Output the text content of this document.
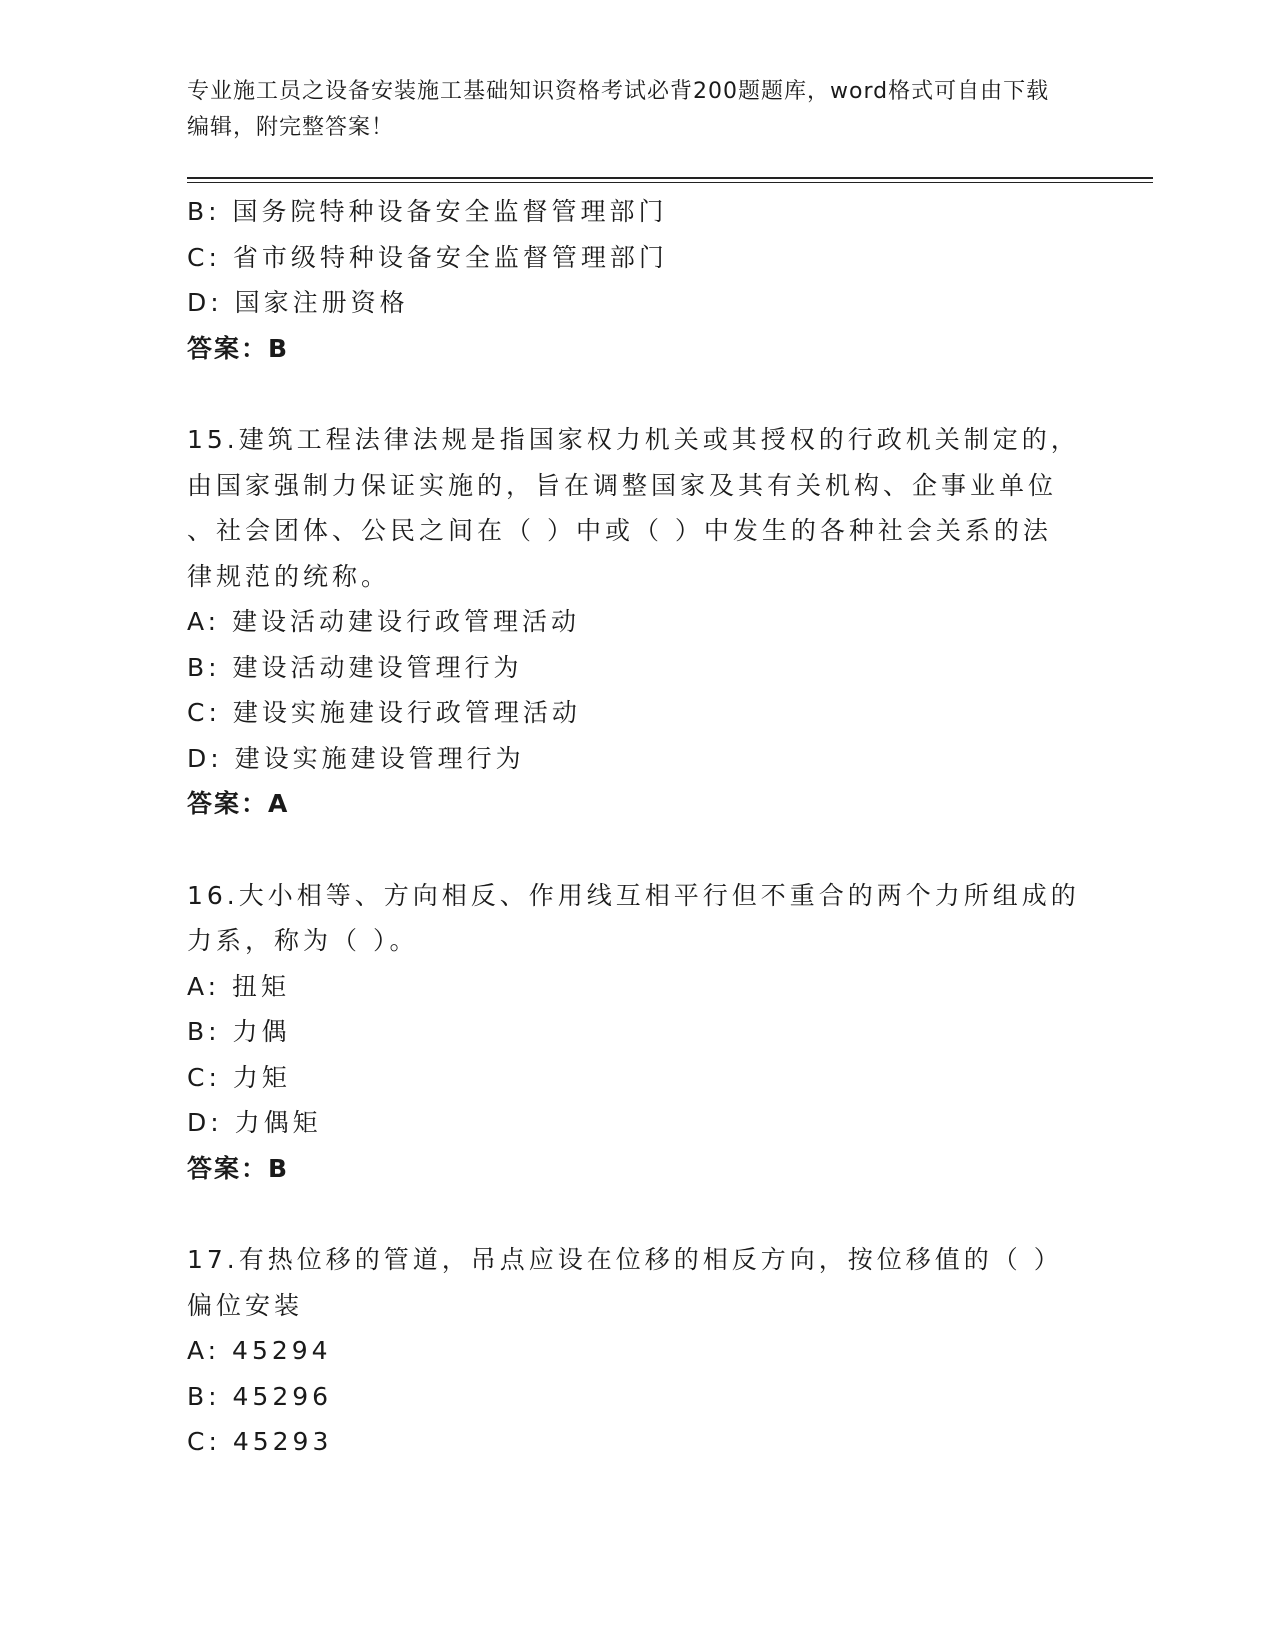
专业施工员之设备安装施工基础知识资格考试必背200题题库，word格式可自由下载编辑，附完整答案！
B: 国务院特种设备安全监督管理部门
C: 省市级特种设备安全监督管理部门
D: 国家注册资格
答案：B
15.建筑工程法律法规是指国家权力机关或其授权的行政机关制定的，
由国家强制力保证实施的，旨在调整国家及其有关机构、企事业单位
、社会团体、公民之间在（ ）中或（ ）中发生的各种社会关系的法
律规范的统称。
A: 建设活动建设行政管理活动
B: 建设活动建设管理行为
C: 建设实施建设行政管理活动
D: 建设实施建设管理行为
答案：A
16.大小相等、方向相反、作用线互相平行但不重合的两个力所组成的
力系，称为（ ）。
A: 扭矩
B: 力偶
C: 力矩
D: 力偶矩
答案：B
17.有热位移的管道，吊点应设在位移的相反方向，按位移值的（ ）
偏位安装
A: 45294
B: 45296
C: 45293
